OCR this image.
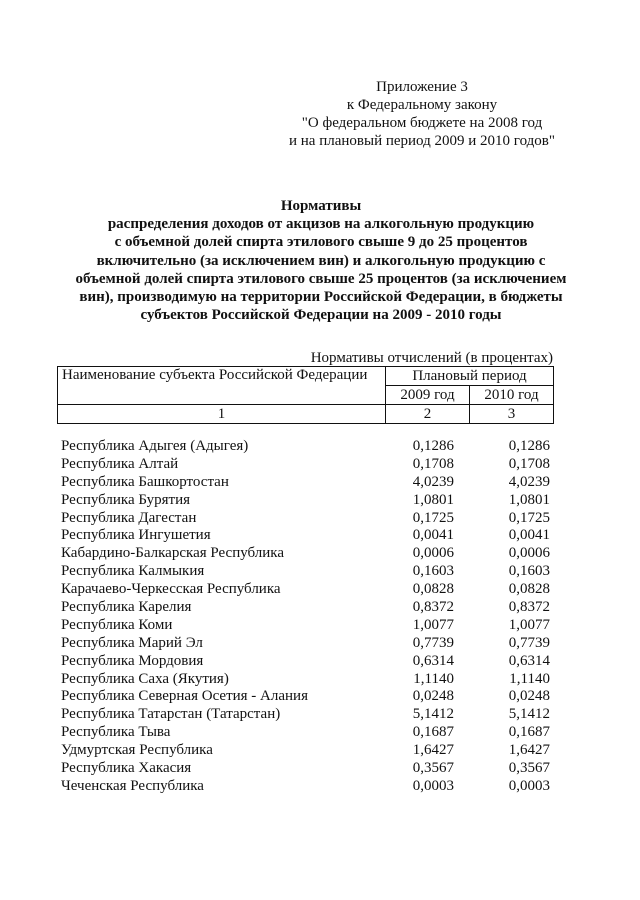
Приложение 3
к Федеральному закону
"О федеральном бюджете на 2008 год
и на плановый период 2009 и 2010 годов"
Нормативы
распределения доходов от акцизов на алкогольную продукцию
с объемной долей спирта этилового свыше 9 до 25 процентов
включительно (за исключением вин) и алкогольную продукцию с
объемной долей спирта этилового свыше 25 процентов (за исключением
вин), производимую на территории Российской Федерации, в бюджеты
субъектов Российской Федерации на 2009 - 2010 годы
Нормативы отчислений (в процентах)
Наименование субъекта Российской Федерации	Плановый период	
	2009 год	2010 год
1	2	3
Республика Адыгея (Адыгея)	0,1286	0,1286
Республика Алтай	0,1708	0,1708
Республика Башкортостан	4,0239	4,0239
Республика Бурятия	1,0801	1,0801
Республика Дагестан	0,1725	0,1725
Республика Ингушетия	0,0041	0,0041
Кабардино-Балкарская Республика	0,0006	0,0006
Республика Калмыкия	0,1603	0,1603
Карачаево-Черкесская Республика	0,0828	0,0828
Республика Карелия	0,8372	0,8372
Республика Коми	1,0077	1,0077
Республика Марий Эл	0,7739	0,7739
Республика Мордовия	0,6314	0,6314
Республика Саха (Якутия)	1,1140	1,1140
Республика Северная Осетия - Алания	0,0248	0,0248
Республика Татарстан (Татарстан)	5,1412	5,1412
Республика Тыва	0,1687	0,1687
Удмуртская Республика	1,6427	1,6427
Республика Хакасия	0,3567	0,3567
Чеченская Республика	0,0003	0,0003
